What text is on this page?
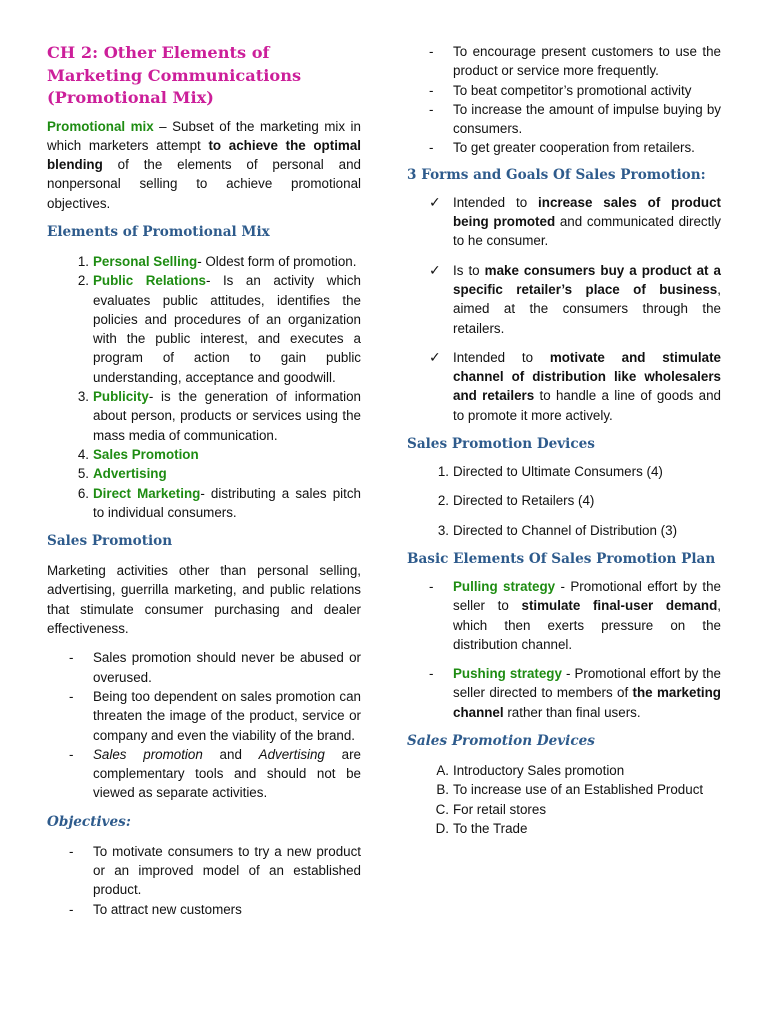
CH 2: Other Elements of Marketing Communications (Promotional Mix)

Promotional mix – Subset of the marketing mix in which marketers attempt to achieve the optimal blending of the elements of personal and nonpersonal selling to achieve promotional objectives.

Elements of Promotional Mix
1. Personal Selling- Oldest form of promotion.
2. Public Relations- Is an activity which evaluates public attitudes, identifies the policies and procedures of an organization with the public interest, and executes a program of action to gain public understanding, acceptance and goodwill.
3. Publicity- is the generation of information about person, products or services using the mass media of communication.
4. Sales Promotion
5. Advertising
6. Direct Marketing- distributing a sales pitch to individual consumers.
Sales Promotion

Marketing activities other than personal selling, advertising, guerrilla marketing, and public relations that stimulate consumer purchasing and dealer effectiveness.

- Sales promotion should never be abused or overused.
- Being too dependent on sales promotion can threaten the image of the product, service or company and even the viability of the brand.
- Sales promotion and Advertising are complementary tools and should not be viewed as separate activities.
Objectives:
- To motivate consumers to try a new product or an improved model of an established product.
- To attract new customers
- To encourage present customers to use the product or service more frequently.
- To beat competitor’s promotional activity
- To increase the amount of impulse buying by consumers.
- To get greater cooperation from retailers.
3 Forms and Goals Of Sales Promotion:
✓ Intended to increase sales of product being promoted and communicated directly to he consumer.
✓ Is to make consumers buy a product at a specific retailer’s place of business, aimed at the consumers through the retailers.
✓ Intended to motivate and stimulate channel of distribution like wholesalers and retailers to handle a line of goods and to promote it more actively.
Sales Promotion Devices
1. Directed to Ultimate Consumers (4)
2. Directed to Retailers (4)
3. Directed to Channel of Distribution (3)
Basic Elements Of Sales Promotion Plan
- Pulling strategy - Promotional effort by the seller to stimulate final-user demand, which then exerts pressure on the distribution channel.
- Pushing strategy - Promotional effort by the seller directed to members of the marketing channel rather than final users.
Sales Promotion Devices
A. Introductory Sales promotion
B. To increase use of an Established Product
C. For retail stores
D. To the Trade
